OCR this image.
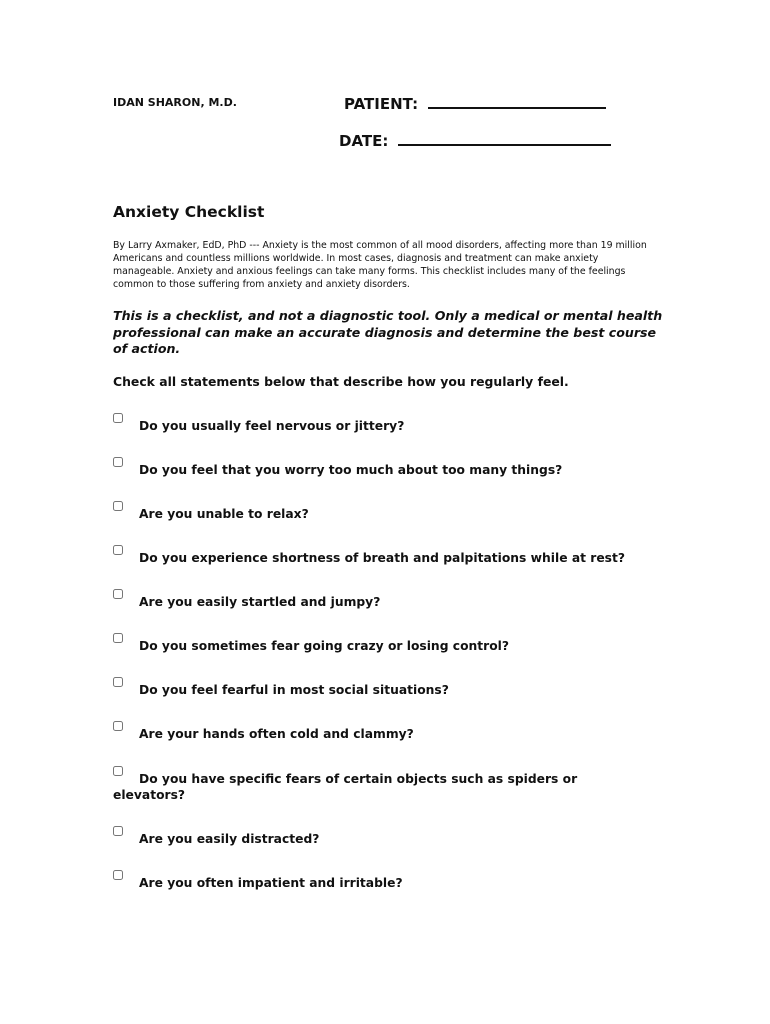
IDAN SHARON, M.D.	PATIENT:
DATE:
Anxiety Checklist

By Larry Axmaker, EdD, PhD --- Anxiety is the most common of all mood disorders, affecting more than 19 million Americans and countless millions worldwide. In most cases, diagnosis and treatment can make anxiety manageable. Anxiety and anxious feelings can take many forms. This checklist includes many of the feelings common to those suffering from anxiety and anxiety disorders.

This is a checklist, and not a diagnostic tool. Only a medical or mental health professional can make an accurate diagnosis and determine the best course of action.

Check all statements below that describe how you regularly feel.

Do you usually feel nervous or jittery?
Do you feel that you worry too much about too many things?
Are you unable to relax?
Do you experience shortness of breath and palpitations while at rest?
Are you easily startled and jumpy?
Do you sometimes fear going crazy or losing control?
Do you feel fearful in most social situations?
Are your hands often cold and clammy?
Do you have specific fears of certain objects such as spiders or elevators?
Are you easily distracted?
Are you often impatient and irritable?
